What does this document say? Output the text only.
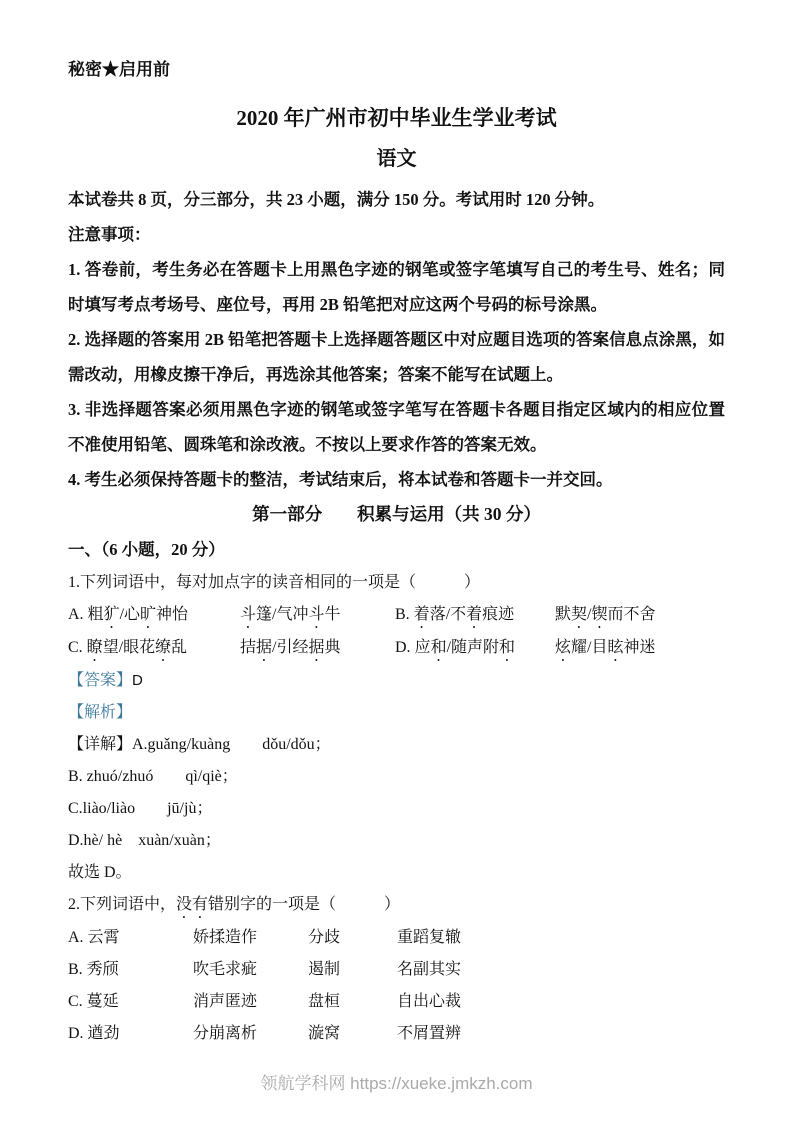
秘密★启用前
2020 年广州市初中毕业生学业考试
语文
本试卷共 8 页，分三部分，共 23 小题，满分 150 分。考试用时 120 分钟。
注意事项：

1. 答卷前，考生务必在答题卡上用黑色字迹的钢笔或签字笔填写自己的考生号、姓名；同时填写考点考场号、座位号，再用 2B 铅笔把对应这两个号码的标号涂黑。

2. 选择题的答案用 2B 铅笔把答题卡上选择题答题区中对应题目选项的答案信息点涂黑，如需改动，用橡皮擦干净后，再选涂其他答案；答案不能写在试题上。

3. 非选择题答案必须用黑色字迹的钢笔或签字笔写在答题卡各题目指定区域内的相应位置不准使用铅笔、圆珠笔和涂改液。不按以上要求作答的答案无效。

4. 考生必须保持答题卡的整洁，考试结束后，将本试卷和答题卡一并交回。

第一部分　　积累与运用（共 30 分）
一、（6 小题，20 分）

1.下列词语中，每对加点字的读音相同的一项是（　　　）

A. 粗犷/心旷神怡	斗篷/气冲斗牛	B. 着落/不着痕迹	默契/锲而不舍
C. 瞭望/眼花缭乱	拮据/引经据典	D. 应和/随声附和	炫耀/目眩神迷

【答案】D

【解析】

【详解】A.guǎng/kuàng　　dǒu/dǒu；

B. zhuó/zhuó　　qì/qiè；

C.liào/liào　　jū/jù；

D.hè/ hè　xuàn/xuàn；

故选 D。

2.下列词语中，没有错别字的一项是（　　　）

A. 云霄	娇揉造作	分歧	重蹈复辙
B. 秀颀	吹毛求疵	遏制	名副其实
C. 蔓延	消声匿迹	盘桓	自出心裁
D. 遒劲	分崩离析	漩窝	不屑置辨
领航学科网 https://xueke.jmkzh.com
